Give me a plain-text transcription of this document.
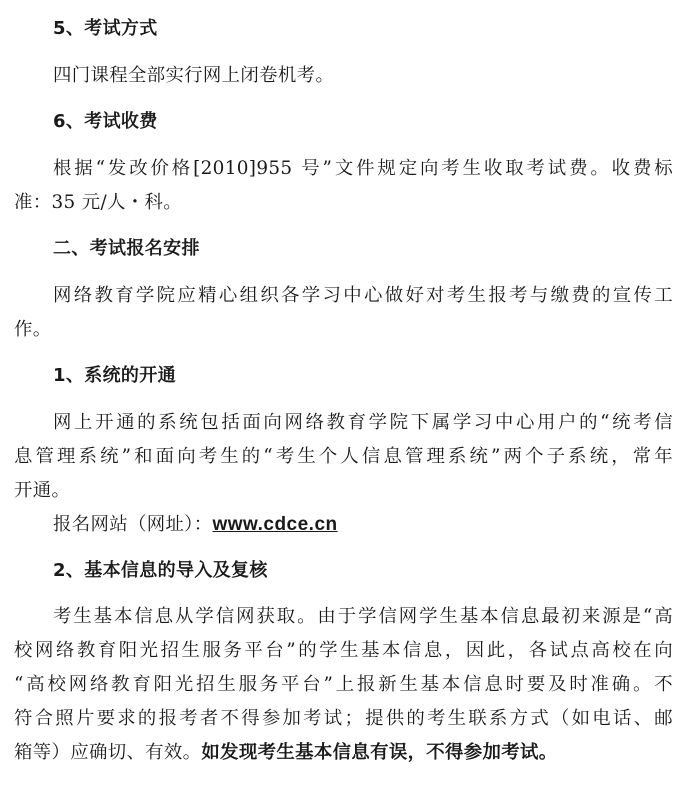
5、考试方式
四门课程全部实行网上闭卷机考。
6、考试收费
根据“发改价格[2010]955 号”文件规定向考生收取考试费。收费标
准：35 元/人・科。
二、考试报名安排
网络教育学院应精心组织各学习中心做好对考生报考与缴费的宣传工
作。
1、系统的开通
网上开通的系统包括面向网络教育学院下属学习中心用户的“统考信
息管理系统”和面向考生的“考生个人信息管理系统”两个子系统，常年
开通。
报名网站（网址）：www.cdce.cn
2、基本信息的导入及复核
考生基本信息从学信网获取。由于学信网学生基本信息最初来源是“高
校网络教育阳光招生服务平台”的学生基本信息，因此，各试点高校在向
“高校网络教育阳光招生服务平台”上报新生基本信息时要及时准确。不
符合照片要求的报考者不得参加考试；提供的考生联系方式（如电话、邮
箱等）应确切、有效。如发现考生基本信息有误，不得参加考试。
